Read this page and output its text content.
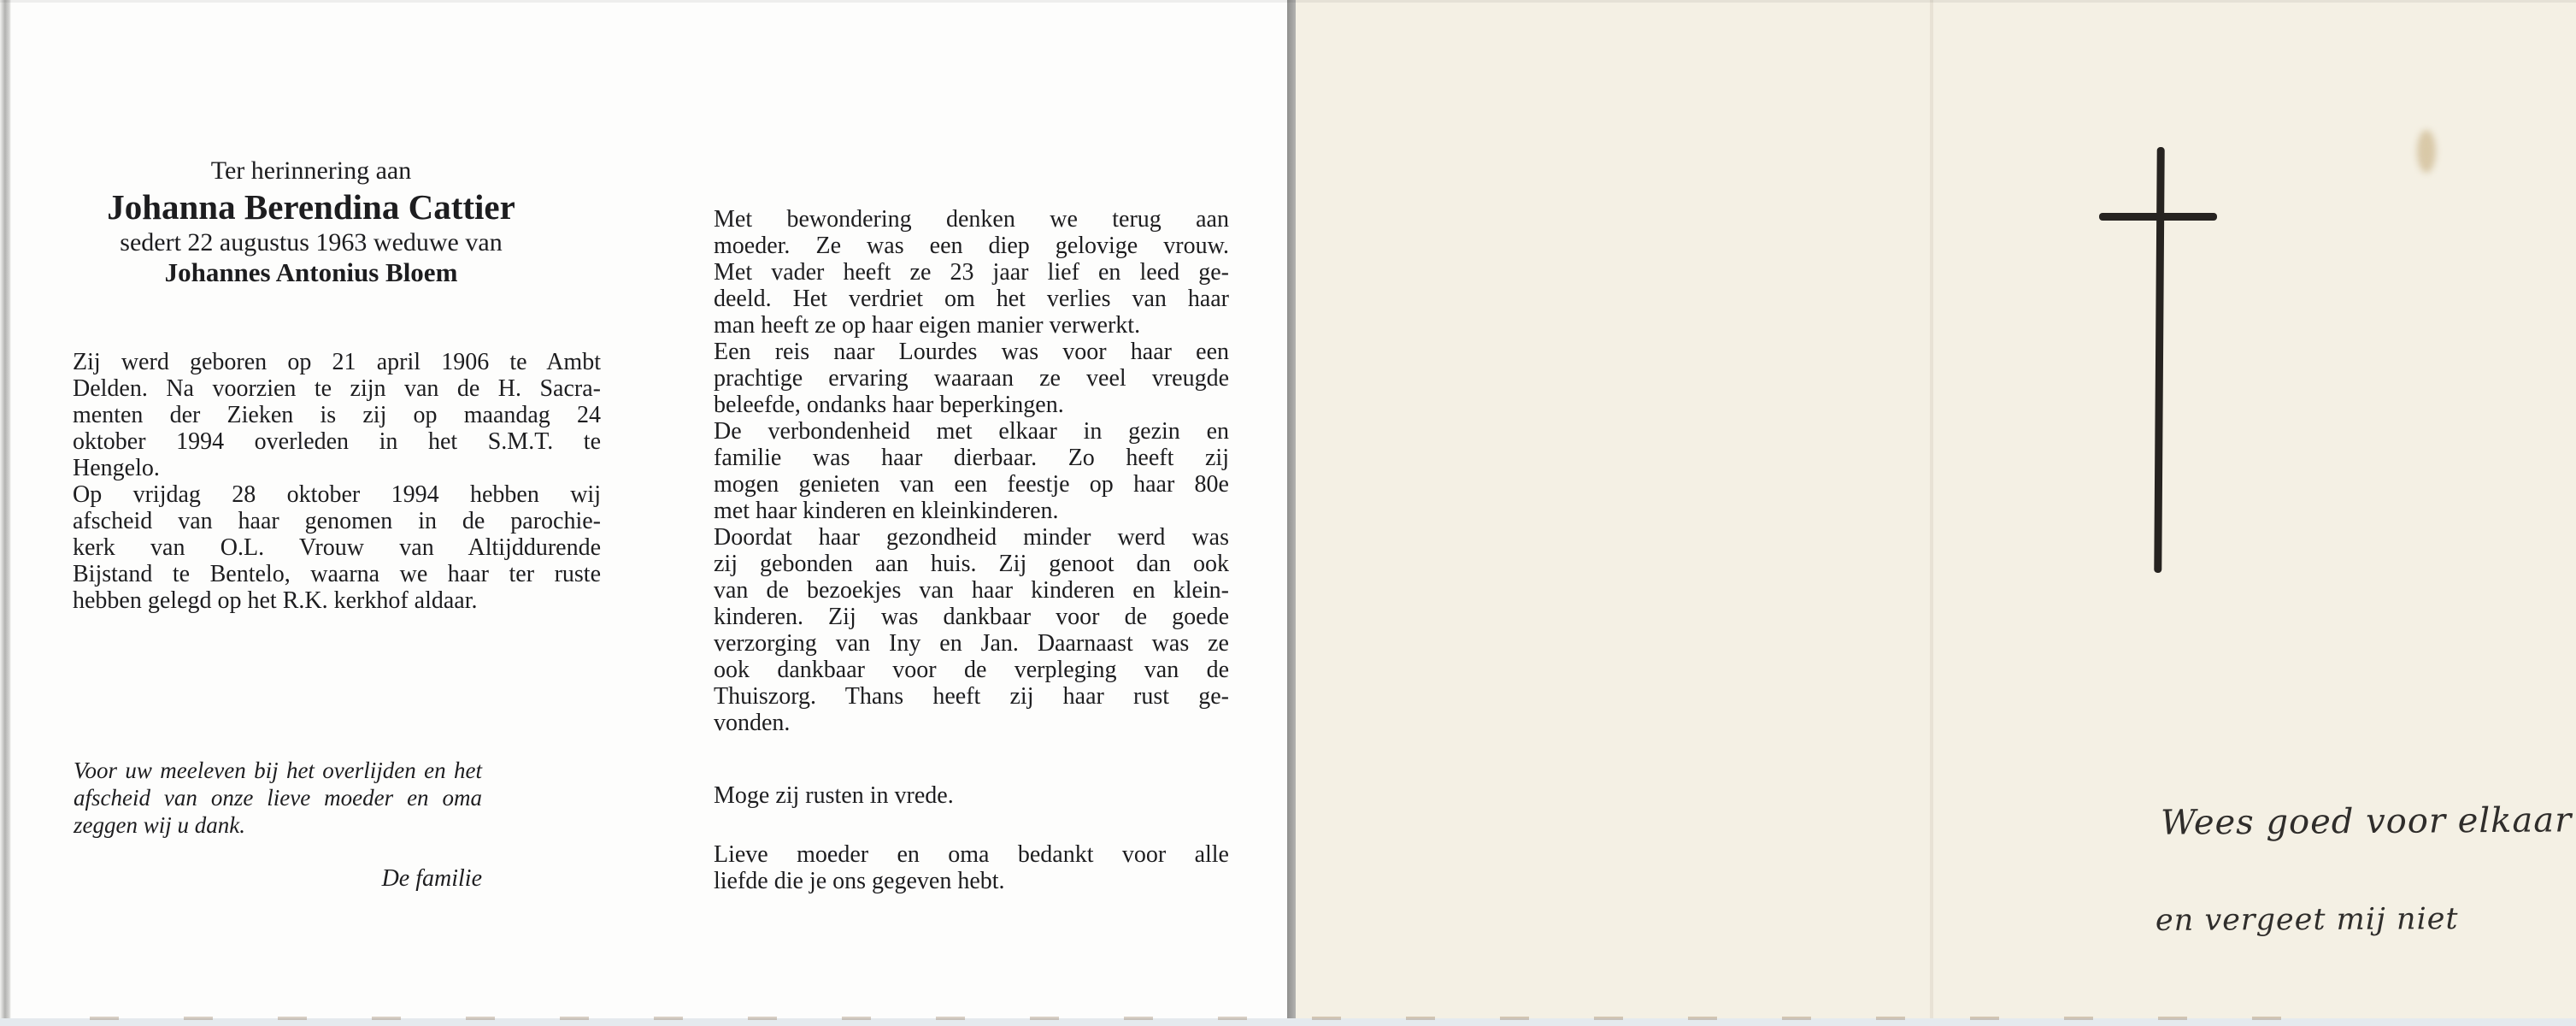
Ter herinnering aan
Johanna Berendina Cattier
sedert 22 augustus 1963 weduwe van
Johannes Antonius Bloem
Zij werd geboren op 21 april 1906 te Ambt
Delden. Na voorzien te zijn van de H. Sacra-
menten der Zieken is zij op maandag 24
oktober 1994 overleden in het S.M.T. te
Hengelo.
Op vrijdag 28 oktober 1994 hebben wij
afscheid van haar genomen in de parochie-
kerk van O.L. Vrouw van Altijddurende
Bijstand te Bentelo, waarna we haar ter ruste
hebben gelegd op het R.K. kerkhof aldaar.
Voor uw meeleven bij het overlijden en het
afscheid van onze lieve moeder en oma
zeggen wij u dank.
De familie
Met bewondering denken we terug aan
moeder. Ze was een diep gelovige vrouw.
Met vader heeft ze 23 jaar lief en leed ge-
deeld. Het verdriet om het verlies van haar
man heeft ze op haar eigen manier verwerkt.
Een reis naar Lourdes was voor haar een
prachtige ervaring waaraan ze veel vreugde
beleefde, ondanks haar beperkingen.
De verbondenheid met elkaar in gezin en
familie was haar dierbaar. Zo heeft zij
mogen genieten van een feestje op haar 80e
met haar kinderen en kleinkinderen.
Doordat haar gezondheid minder werd was
zij gebonden aan huis. Zij genoot dan ook
van de bezoekjes van haar kinderen en klein-
kinderen. Zij was dankbaar voor de goede
verzorging van Iny en Jan. Daarnaast was ze
ook dankbaar voor de verpleging van de
Thuiszorg. Thans heeft zij haar rust ge-
vonden.
Moge zij rusten in vrede.
Lieve moeder en oma bedankt voor alle
liefde die je ons gegeven hebt.
Wees goed voor elkaar
en vergeet mij niet
